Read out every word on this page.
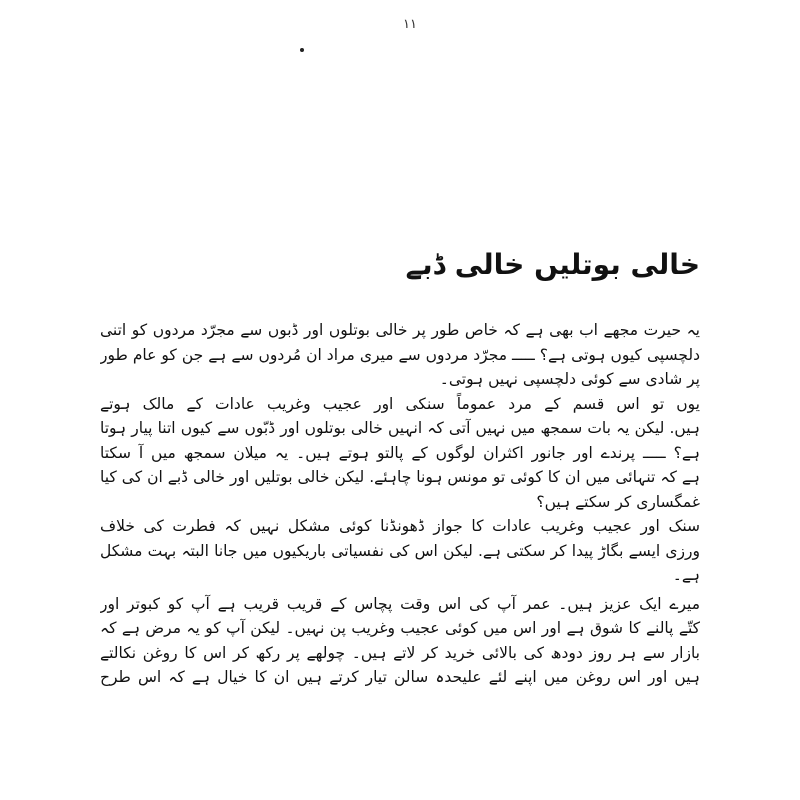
۱۱
خالی بوتلیں خالی ڈبے
یہ حیرت مجھے اب بھی ہے کہ خاص طور پر خالی بوتلوں اور ڈبوں سے مجرّد مردوں کو اتنی
دلچسپی کیوں ہوتی ہے؟ ـــــ مجرّد مردوں سے میری مراد ان مُردوں سے ہے جن کو عام طور
پر شادی سے کوئی دلچسپی نہیں ہوتی۔
یوں تو اس قسم کے مرد عموماً سنکی اور عجیب وغریب عادات کے مالک ہوتے
ہیں. لیکن یہ بات سمجھ میں نہیں آتی کہ انہیں خالی بوتلوں اور ڈبّوں سے کیوں اتنا پیار ہوتا
ہے؟ ـــــ پرندے اور جانور اکثران لوگوں کے پالتو ہوتے ہیں۔ یہ میلان سمجھ میں آ سکتا
ہے کہ تنہائی میں ان کا کوئی تو مونس ہونا چاہئے. لیکن خالی بوتلیں اور خالی ڈبے ان کی کیا
غمگساری کر سکتے ہیں؟
سنک اور عجیب وغریب عادات کا جواز ڈھونڈنا کوئی مشکل نہیں کہ فطرت کی خلاف
ورزی ایسے بگاڑ پیدا کر سکتی ہے. لیکن اس کی نفسیاتی باریکیوں میں جانا البتہ بہت مشکل
ہے۔
میرے ایک عزیز ہیں۔ عمر آپ کی اس وقت پچاس کے قریب قریب ہے آپ کو کبوتر اور
کتّے پالنے کا شوق ہے اور اس میں کوئی عجیب وغریب پن نہیں۔ لیکن آپ کو یہ مرض ہے کہ
بازار سے ہر روز دودھ کی بالائی خرید کر لاتے ہیں۔ چولھے پر رکھ کر اس کا روغن نکالتے
ہیں اور اس روغن میں اپنے لئے علیحدہ سالن تیار کرتے ہیں ان کا خیال ہے کہ اس طرح
